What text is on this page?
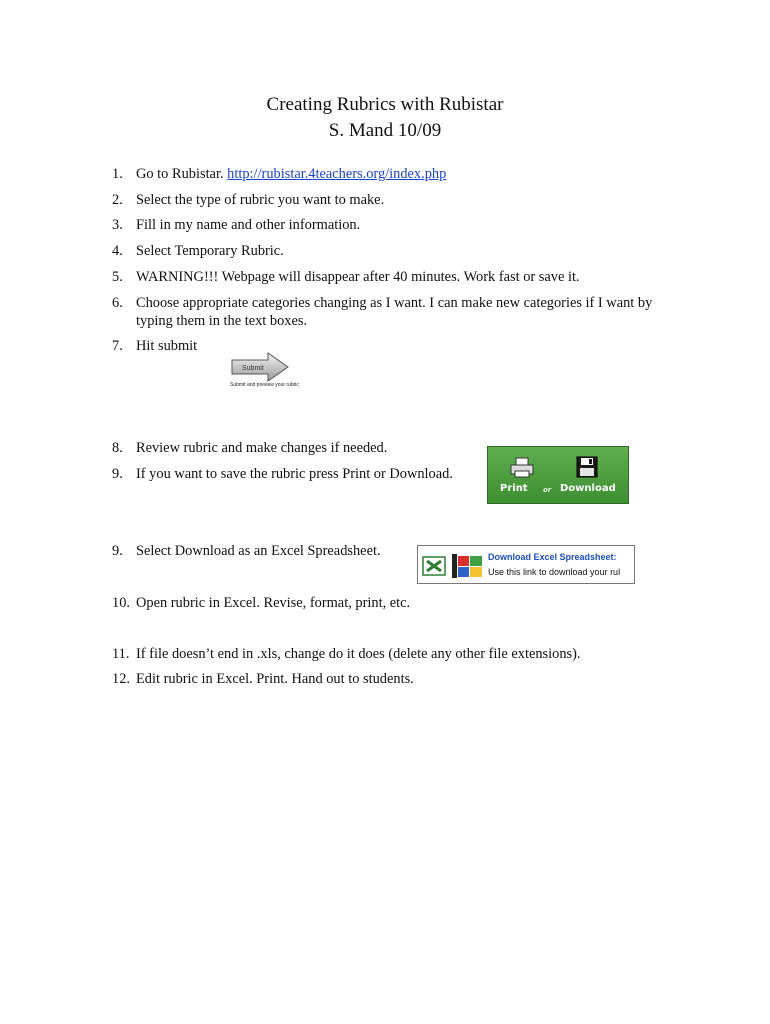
Creating Rubrics with Rubistar
S. Mand 10/09
1. Go to Rubistar. http://rubistar.4teachers.org/index.php
2. Select the type of rubric you want to make.
3. Fill in my name and other information.
4. Select Temporary Rubric.
5. WARNING!!! Webpage will disappear after 40 minutes. Work fast or save it.
6. Choose appropriate categories changing as I want. I can make new categories if I want by
typing them in the text boxes.
7. Hit submit
Submit
Submit and preview your rubric
8. Review rubric and make changes if needed.
9. If you want to save the rubric press Print or Download.
Print or Download
9. Select Download as an Excel Spreadsheet.	Download Excel Spreadsheet:
Use this link to download your rul
10. Open rubric in Excel. Revise, format, print, etc.
11. If file doesn’t end in .xls, change do it does (delete any other file extensions).
12. Edit rubric in Excel. Print. Hand out to students.
